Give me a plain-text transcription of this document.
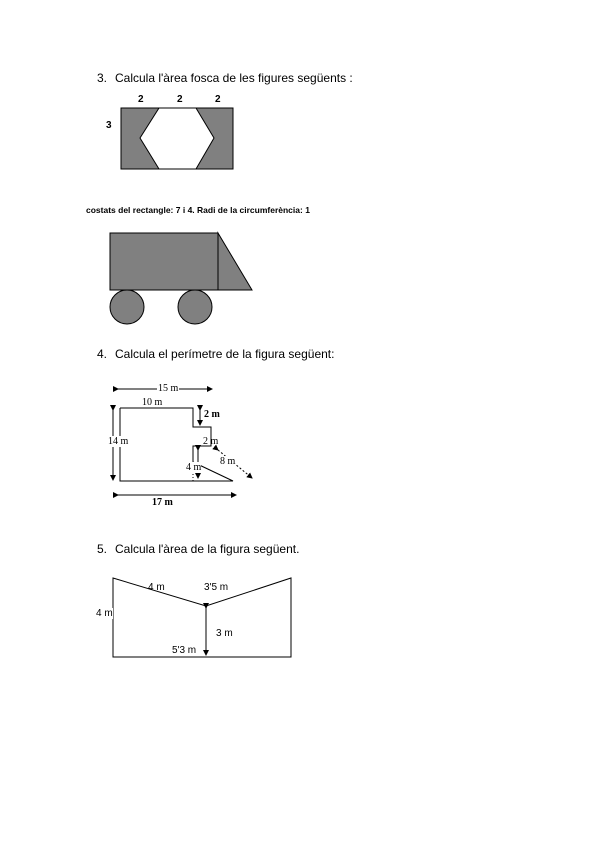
3. Calcula l'àrea fosca de les figures següents :
2	2	2
3
costats del rectangle: 7 i 4. Radi de la circumferència: 1
4. Calcula el perímetre de la figura següent:
15 m
10 m
2 m
14 m	2 m
8 m
4 m
17 m
5. Calcula l'àrea de la figura següent.
4 m	3'5 m
4 m
3 m
5'3 m
